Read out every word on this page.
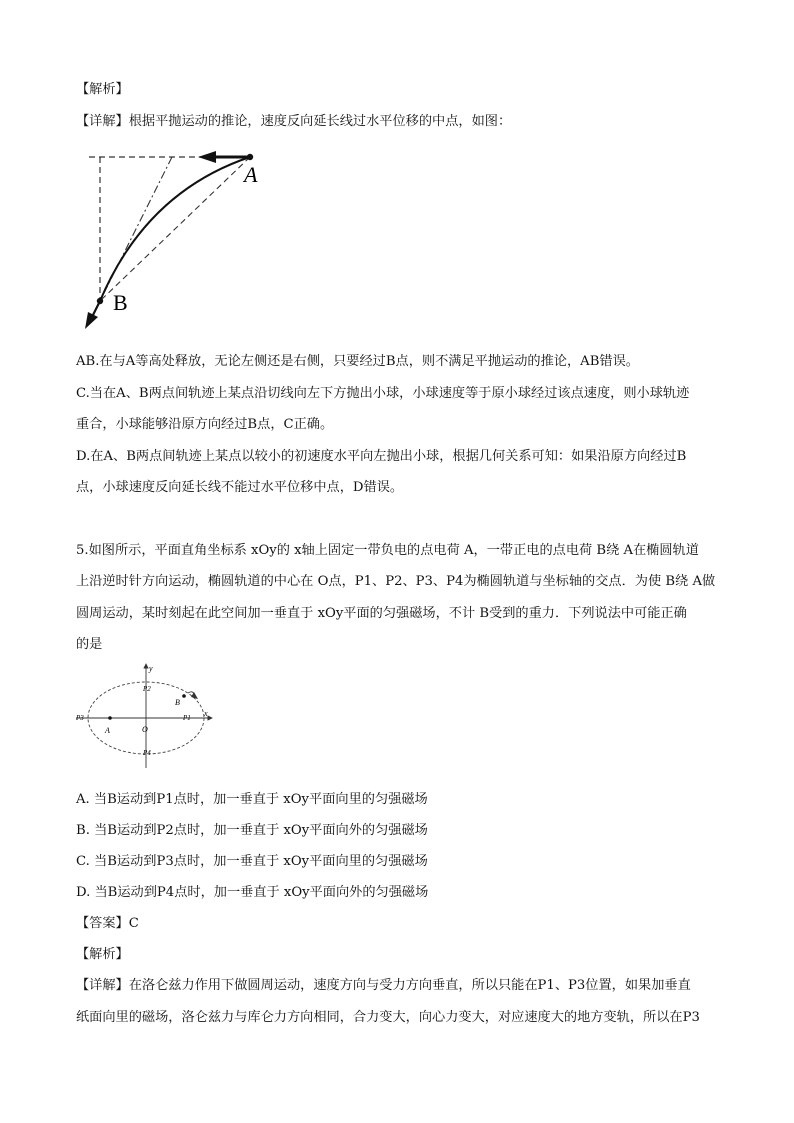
【解析】
【详解】根据平抛运动的推论，速度反向延长线过水平位移的中点，如图：
A
B
AB.在与A等高处释放，无论左侧还是右侧，只要经过B点，则不满足平抛运动的推论，AB错误。
C.当在A、B两点间轨迹上某点沿切线向左下方抛出小球，小球速度等于原小球经过该点速度，则小球轨迹
重合，小球能够沿原方向经过B点，C正确。
D.在A、B两点间轨迹上某点以较小的初速度水平向左抛出小球，根据几何关系可知：如果沿原方向经过B
点，小球速度反向延长线不能过水平位移中点，D错误。
5.如图所示，平面直角坐标系 xOy的 x轴上固定一带负电的点电荷 A，一带正电的点电荷 B绕 A在椭圆轨道
上沿逆时针方向运动，椭圆轨道的中心在 O点，P1、P2、P3、P4为椭圆轨道与坐标轴的交点．为使 B绕 A做
圆周运动，某时刻起在此空间加一垂直于 xOy平面的匀强磁场，不计 B受到的重力．下列说法中可能正确
的是
y
x
O
A
B
P1
P2
P3
P4
A. 当B运动到P1点时，加一垂直于 xOy平面向里的匀强磁场
B. 当B运动到P2点时，加一垂直于 xOy平面向外的匀强磁场
C. 当B运动到P3点时，加一垂直于 xOy平面向里的匀强磁场
D. 当B运动到P4点时，加一垂直于 xOy平面向外的匀强磁场
【答案】C
【解析】
【详解】在洛仑兹力作用下做圆周运动，速度方向与受力方向垂直，所以只能在P1、P3位置，如果加垂直
纸面向里的磁场，洛仑兹力与库仑力方向相同，合力变大，向心力变大，对应速度大的地方变轨，所以在P3
